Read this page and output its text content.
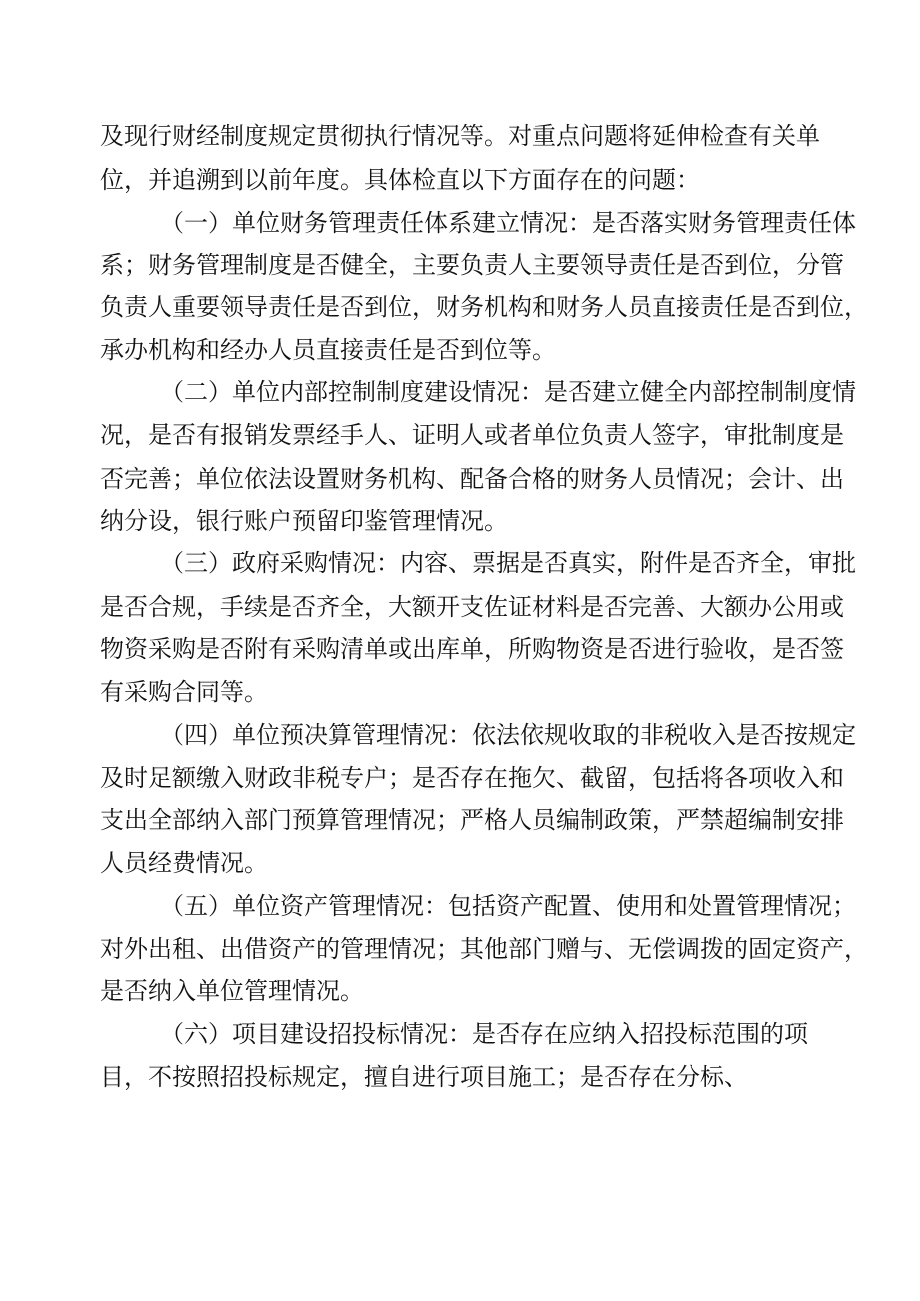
及现行财经制度规定贯彻执行情况等。对重点问题将延伸检查有关单
位，并追溯到以前年度。具体检直以下方面存在的问题：
（一）单位财务管理责任体系建立情况：是否落实财务管理责任体
系；财务管理制度是否健全，主要负责人主要领导责任是否到位，分管
负责人重要领导责任是否到位，财务机构和财务人员直接责任是否到位，
承办机构和经办人员直接责任是否到位等。
（二）单位内部控制制度建设情况：是否建立健全内部控制制度情
况，是否有报销发票经手人、证明人或者单位负责人签字，审批制度是
否完善；单位依法设置财务机构、配备合格的财务人员情况；会计、出
纳分设，银行账户预留印鉴管理情况。
（三）政府采购情况：内容、票据是否真实，附件是否齐全，审批
是否合规，手续是否齐全，大额开支佐证材料是否完善、大额办公用或
物资采购是否附有采购清单或出库单，所购物资是否进行验收，是否签
有采购合同等。
（四）单位预决算管理情况：依法依规收取的非税收入是否按规定
及时足额缴入财政非税专户；是否存在拖欠、截留，包括将各项收入和
支出全部纳入部门预算管理情况；严格人员编制政策，严禁超编制安排
人员经费情况。
（五）单位资产管理情况：包括资产配置、使用和处置管理情况；
对外出租、出借资产的管理情况；其他部门赠与、无偿调拨的固定资产，
是否纳入单位管理情况。
（六）项目建设招投标情况：是否存在应纳入招投标范围的项
目，不按照招投标规定，擅自进行项目施工；是否存在分标、
